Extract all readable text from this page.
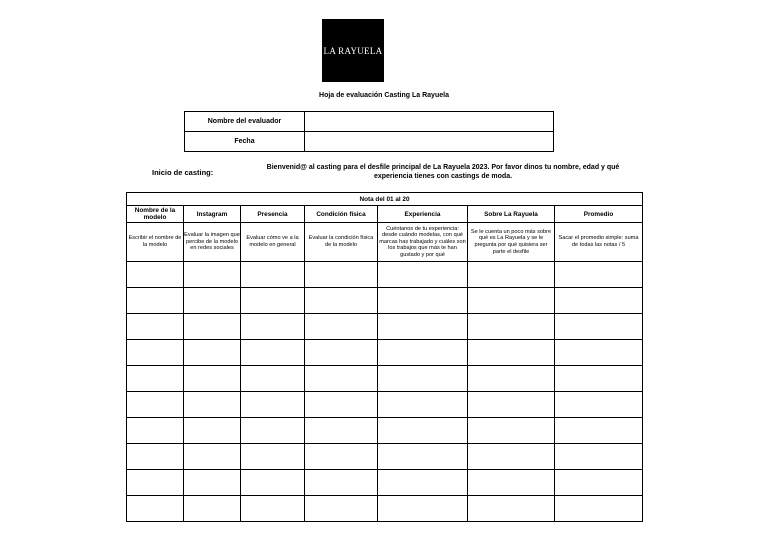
LA RAYUELA
Hoja de evaluación Casting La Rayuela
Nombre del evaluador	
Fecha	
Inicio de casting:
Bienvenid@ al casting para el desfile principal de La Rayuela 2023. Por favor dinos tu nombre, edad y qué experiencia tienes con castings de moda.
Nota del 01 al 20						
Nombre de la modelo	Instagram	Presencia	Condición física	Experiencia	Sobre La Rayuela	Promedio
Escribir el nombre de la modelo	Evaluar la imagen que percibe de la modelo en redes sociales	Evaluar cómo ve a la modelo en general	Evaluar la condición física de la modelo	Cuéntanos de tu experiencia: desde cuándo modelas, con qué marcas has trabajado y cuáles son los trabajos que más te han gustado y por qué	Se le cuenta un poco más sobre qué es La Rayuela y se le pregunta por qué quisiera ser parte el desfile	Sacar el promedio simple: suma de todas las notas / 5
